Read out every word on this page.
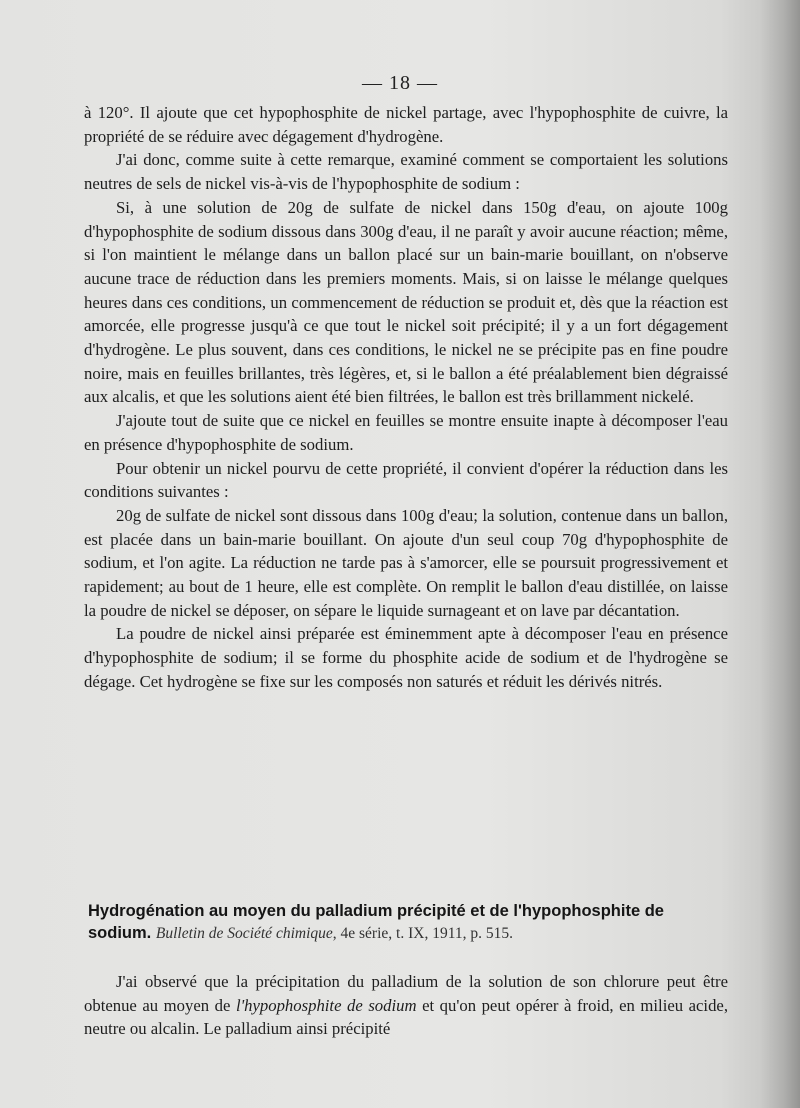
— 18 —

à 120°. Il ajoute que cet hypophosphite de nickel partage, avec l'hypophosphite de cuivre, la propriété de se réduire avec dégagement d'hydrogène.

J'ai donc, comme suite à cette remarque, examiné comment se comportaient les solutions neutres de sels de nickel vis-à-vis de l'hypophosphite de sodium :

Si, à une solution de 20g de sulfate de nickel dans 150g d'eau, on ajoute 100g d'hypophosphite de sodium dissous dans 300g d'eau, il ne paraît y avoir aucune réaction; même, si l'on maintient le mélange dans un ballon placé sur un bain-marie bouillant, on n'observe aucune trace de réduction dans les premiers moments. Mais, si on laisse le mélange quelques heures dans ces conditions, un commencement de réduction se produit et, dès que la réaction est amorcée, elle progresse jusqu'à ce que tout le nickel soit précipité; il y a un fort dégagement d'hydrogène. Le plus souvent, dans ces conditions, le nickel ne se précipite pas en fine poudre noire, mais en feuilles brillantes, très légères, et, si le ballon a été préalablement bien dégraissé aux alcalis, et que les solutions aient été bien filtrées, le ballon est très brillamment nickelé.

J'ajoute tout de suite que ce nickel en feuilles se montre ensuite inapte à décomposer l'eau en présence d'hypophosphite de sodium.

Pour obtenir un nickel pourvu de cette propriété, il convient d'opérer la réduction dans les conditions suivantes :

20g de sulfate de nickel sont dissous dans 100g d'eau; la solution, contenue dans un ballon, est placée dans un bain-marie bouillant. On ajoute d'un seul coup 70g d'hypophosphite de sodium, et l'on agite. La réduction ne tarde pas à s'amorcer, elle se poursuit progressivement et rapidement; au bout de 1 heure, elle est complète. On remplit le ballon d'eau distillée, on laisse la poudre de nickel se déposer, on sépare le liquide surnageant et on lave par décantation.

La poudre de nickel ainsi préparée est éminemment apte à décomposer l'eau en présence d'hypophosphite de sodium; il se forme du phosphite acide de sodium et de l'hydrogène se dégage. Cet hydrogène se fixe sur les composés non saturés et réduit les dérivés nitrés.

Hydrogénation au moyen du palladium précipité et de l'hypophosphite de sodium. Bulletin de Société chimique, 4e série, t. IX, 1911, p. 515.

J'ai observé que la précipitation du palladium de la solution de son chlorure peut être obtenue au moyen de l'hypophosphite de sodium et qu'on peut opérer à froid, en milieu acide, neutre ou alcalin. Le palladium ainsi précipité
